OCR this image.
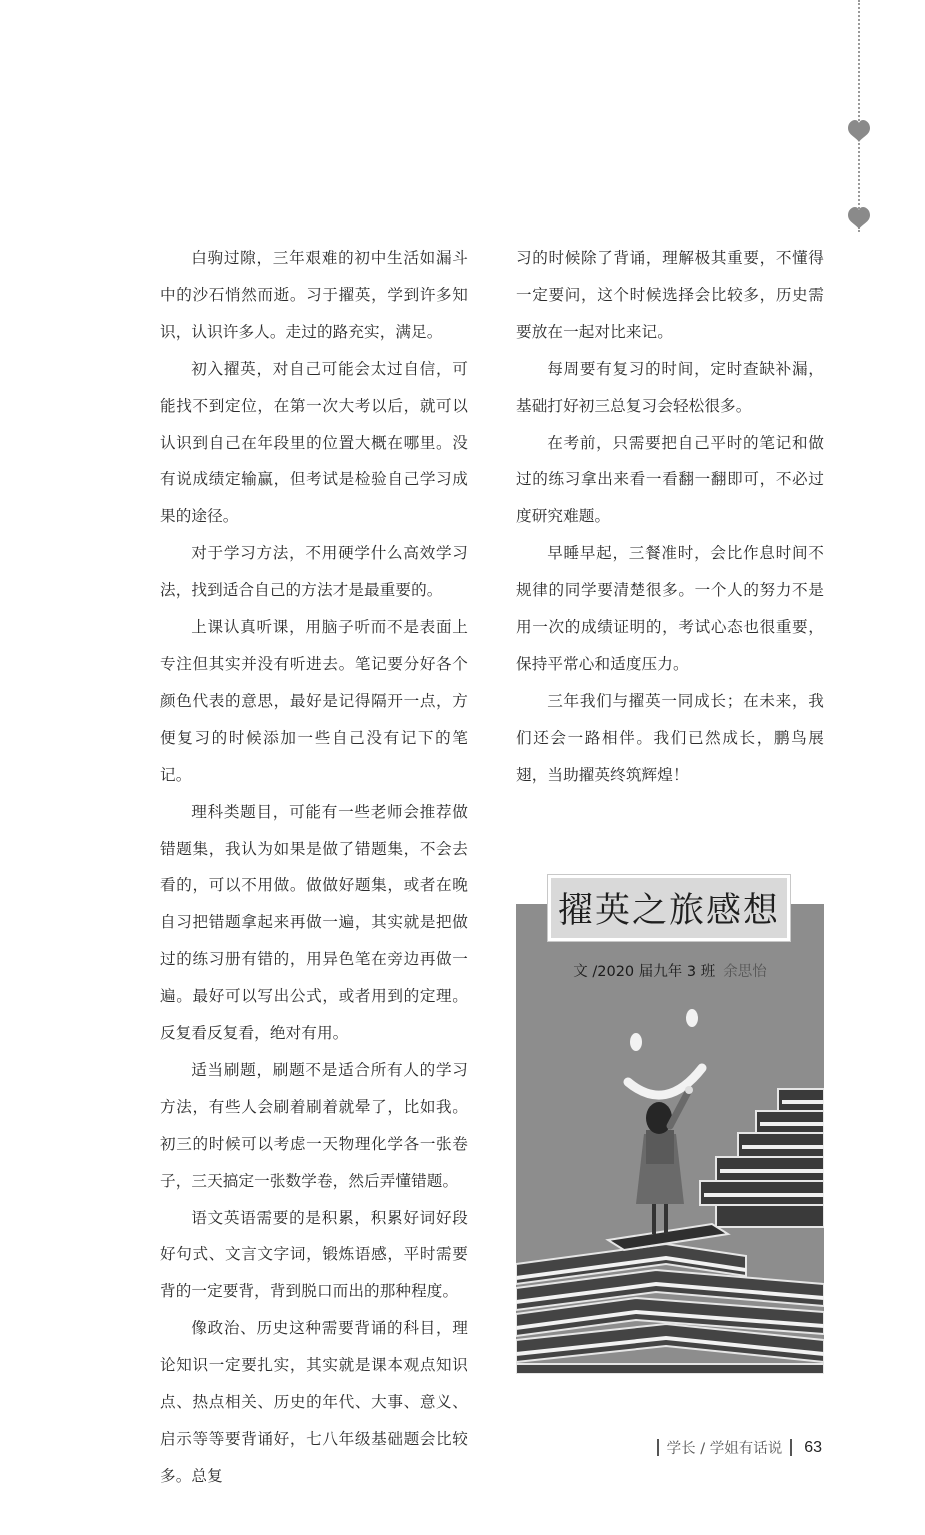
白驹过隙，三年艰难的初中生活如漏斗中的沙石悄然而逝。习于擢英，学到许多知识，认识许多人。走过的路充实，满足。

初入擢英，对自己可能会太过自信，可能找不到定位，在第一次大考以后，就可以认识到自己在年段里的位置大概在哪里。没有说成绩定输赢，但考试是检验自己学习成果的途径。

对于学习方法，不用硬学什么高效学习法，找到适合自己的方法才是最重要的。

上课认真听课，用脑子听而不是表面上专注但其实并没有听进去。笔记要分好各个颜色代表的意思，最好是记得隔开一点，方便复习的时候添加一些自己没有记下的笔记。

理科类题目，可能有一些老师会推荐做错题集，我认为如果是做了错题集，不会去看的，可以不用做。做做好题集，或者在晚自习把错题拿起来再做一遍，其实就是把做过的练习册有错的，用异色笔在旁边再做一遍。最好可以写出公式，或者用到的定理。反复看反复看，绝对有用。

适当刷题，刷题不是适合所有人的学习方法，有些人会刷着刷着就晕了，比如我。初三的时候可以考虑一天物理化学各一张卷子，三天搞定一张数学卷，然后弄懂错题。

语文英语需要的是积累，积累好词好段好句式、文言文字词，锻炼语感，平时需要背的一定要背，背到脱口而出的那种程度。

像政治、历史这种需要背诵的科目，理论知识一定要扎实，其实就是课本观点知识点、热点相关、历史的年代、大事、意义、启示等等要背诵好，七八年级基础题会比较多。总复

习的时候除了背诵，理解极其重要，不懂得一定要问，这个时候选择会比较多，历史需要放在一起对比来记。

每周要有复习的时间，定时查缺补漏，基础打好初三总复习会轻松很多。

在考前，只需要把自己平时的笔记和做过的练习拿出来看一看翻一翻即可，不必过度研究难题。

早睡早起，三餐准时，会比作息时间不规律的同学要清楚很多。一个人的努力不是用一次的成绩证明的，考试心态也很重要，保持平常心和适度压力。

三年我们与擢英一同成长；在未来，我们还会一路相伴。我们已然成长，鹏鸟展翅，当助擢英终筑辉煌！

擢英之旅感想
文 /2020 届九年 3 班 余思怡
学长 / 学姐有话说 63
